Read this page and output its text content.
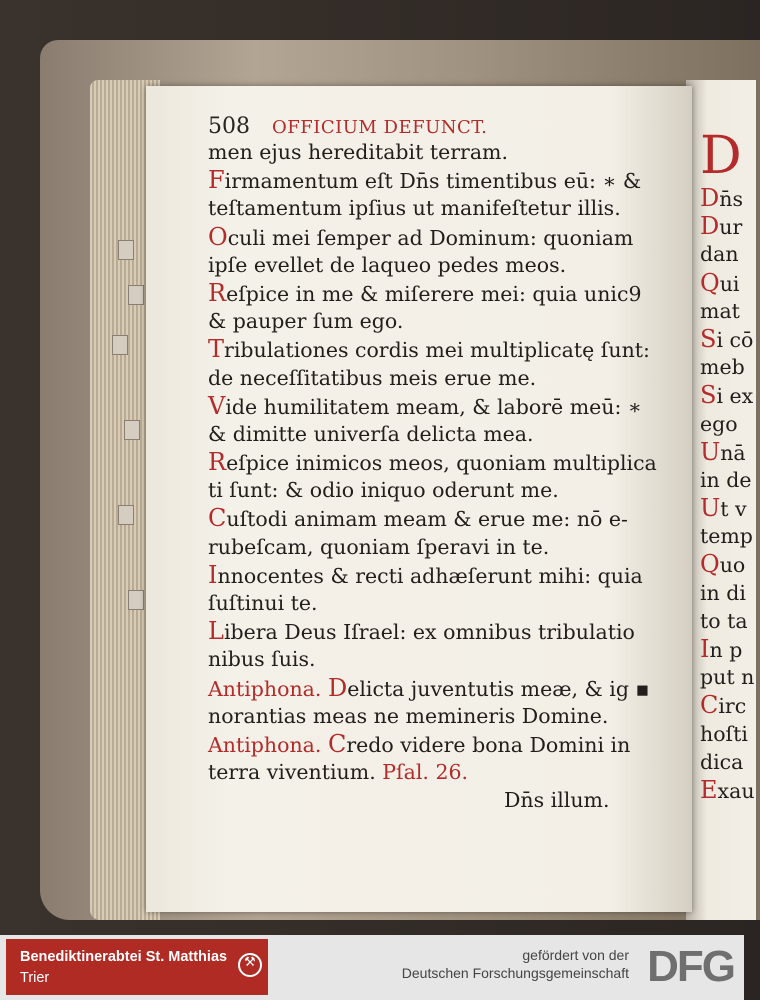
508 OFFICIUM DEFUNCT.
men ejus hereditabit terram.
Firmamentum eſt Dn̄s timentibus eū: ∗ &
teſtamentum ipſius ut manifeſtetur illis.
Oculi mei ſemper ad Dominum: quoniam
ipſe evellet de laqueo pedes meos.
Reſpice in me & miſerere mei: quia unic9
& pauper ſum ego.
Tribulationes cordis mei multiplicatę ſunt:
de neceſſitatibus meis erue me.
Vide humilitatem meam, & laborē meū: ∗
& dimitte univerſa delicta mea.
Reſpice inimicos meos, quoniam multiplica
ti ſunt: & odio iniquo oderunt me.
Cuſtodi animam meam & erue me: nō e-
rubeſcam, quoniam ſperavi in te.
Innocentes & recti adhæſerunt mihi: quia
ſuſtinui te.
Libera Deus Iſrael: ex omnibus tribulatio
nibus ſuis.
Antiphona. Delicta juventutis meæ, & ig ▪
norantias meas ne memineris Domine.
Antiphona. Credo videre bona Domini in
terra viventium. Pſal. 26.
Dn̄s illum.
D
Dn̄s
Dur
dan
Qui
mat
Si cō
meb
Si ex
ego
Unā
in de
Ut v
temp
Quo
in di
to ta
In p
put n
Circ
hoſti
dica
Exau
Benediktinerabtei St. Matthias
Trier
⚒	gefördert von der
Deutschen Forschungsgemeinschaft DFG
